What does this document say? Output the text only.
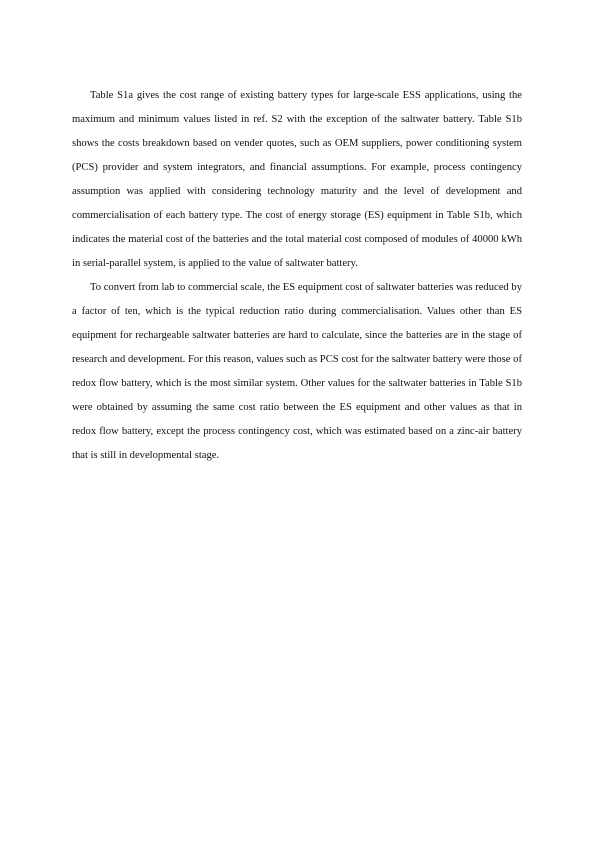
Table S1a gives the cost range of existing battery types for large-scale ESS applications, using the maximum and minimum values listed in ref. S2 with the exception of the saltwater battery. Table S1b shows the costs breakdown based on vender quotes, such as OEM suppliers, power conditioning system (PCS) provider and system integrators, and financial assumptions. For example, process contingency assumption was applied with considering technology maturity and the level of development and commercialisation of each battery type. The cost of energy storage (ES) equipment in Table S1b, which indicates the material cost of the batteries and the total material cost composed of modules of 40000 kWh in serial-parallel system, is applied to the value of saltwater battery.

To convert from lab to commercial scale, the ES equipment cost of saltwater batteries was reduced by a factor of ten, which is the typical reduction ratio during commercialisation. Values other than ES equipment for rechargeable saltwater batteries are hard to calculate, since the batteries are in the stage of research and development. For this reason, values such as PCS cost for the saltwater battery were those of redox flow battery, which is the most similar system. Other values for the saltwater batteries in Table S1b were obtained by assuming the same cost ratio between the ES equipment and other values as that in redox flow battery, except the process contingency cost, which was estimated based on a zinc-air battery that is still in developmental stage.
